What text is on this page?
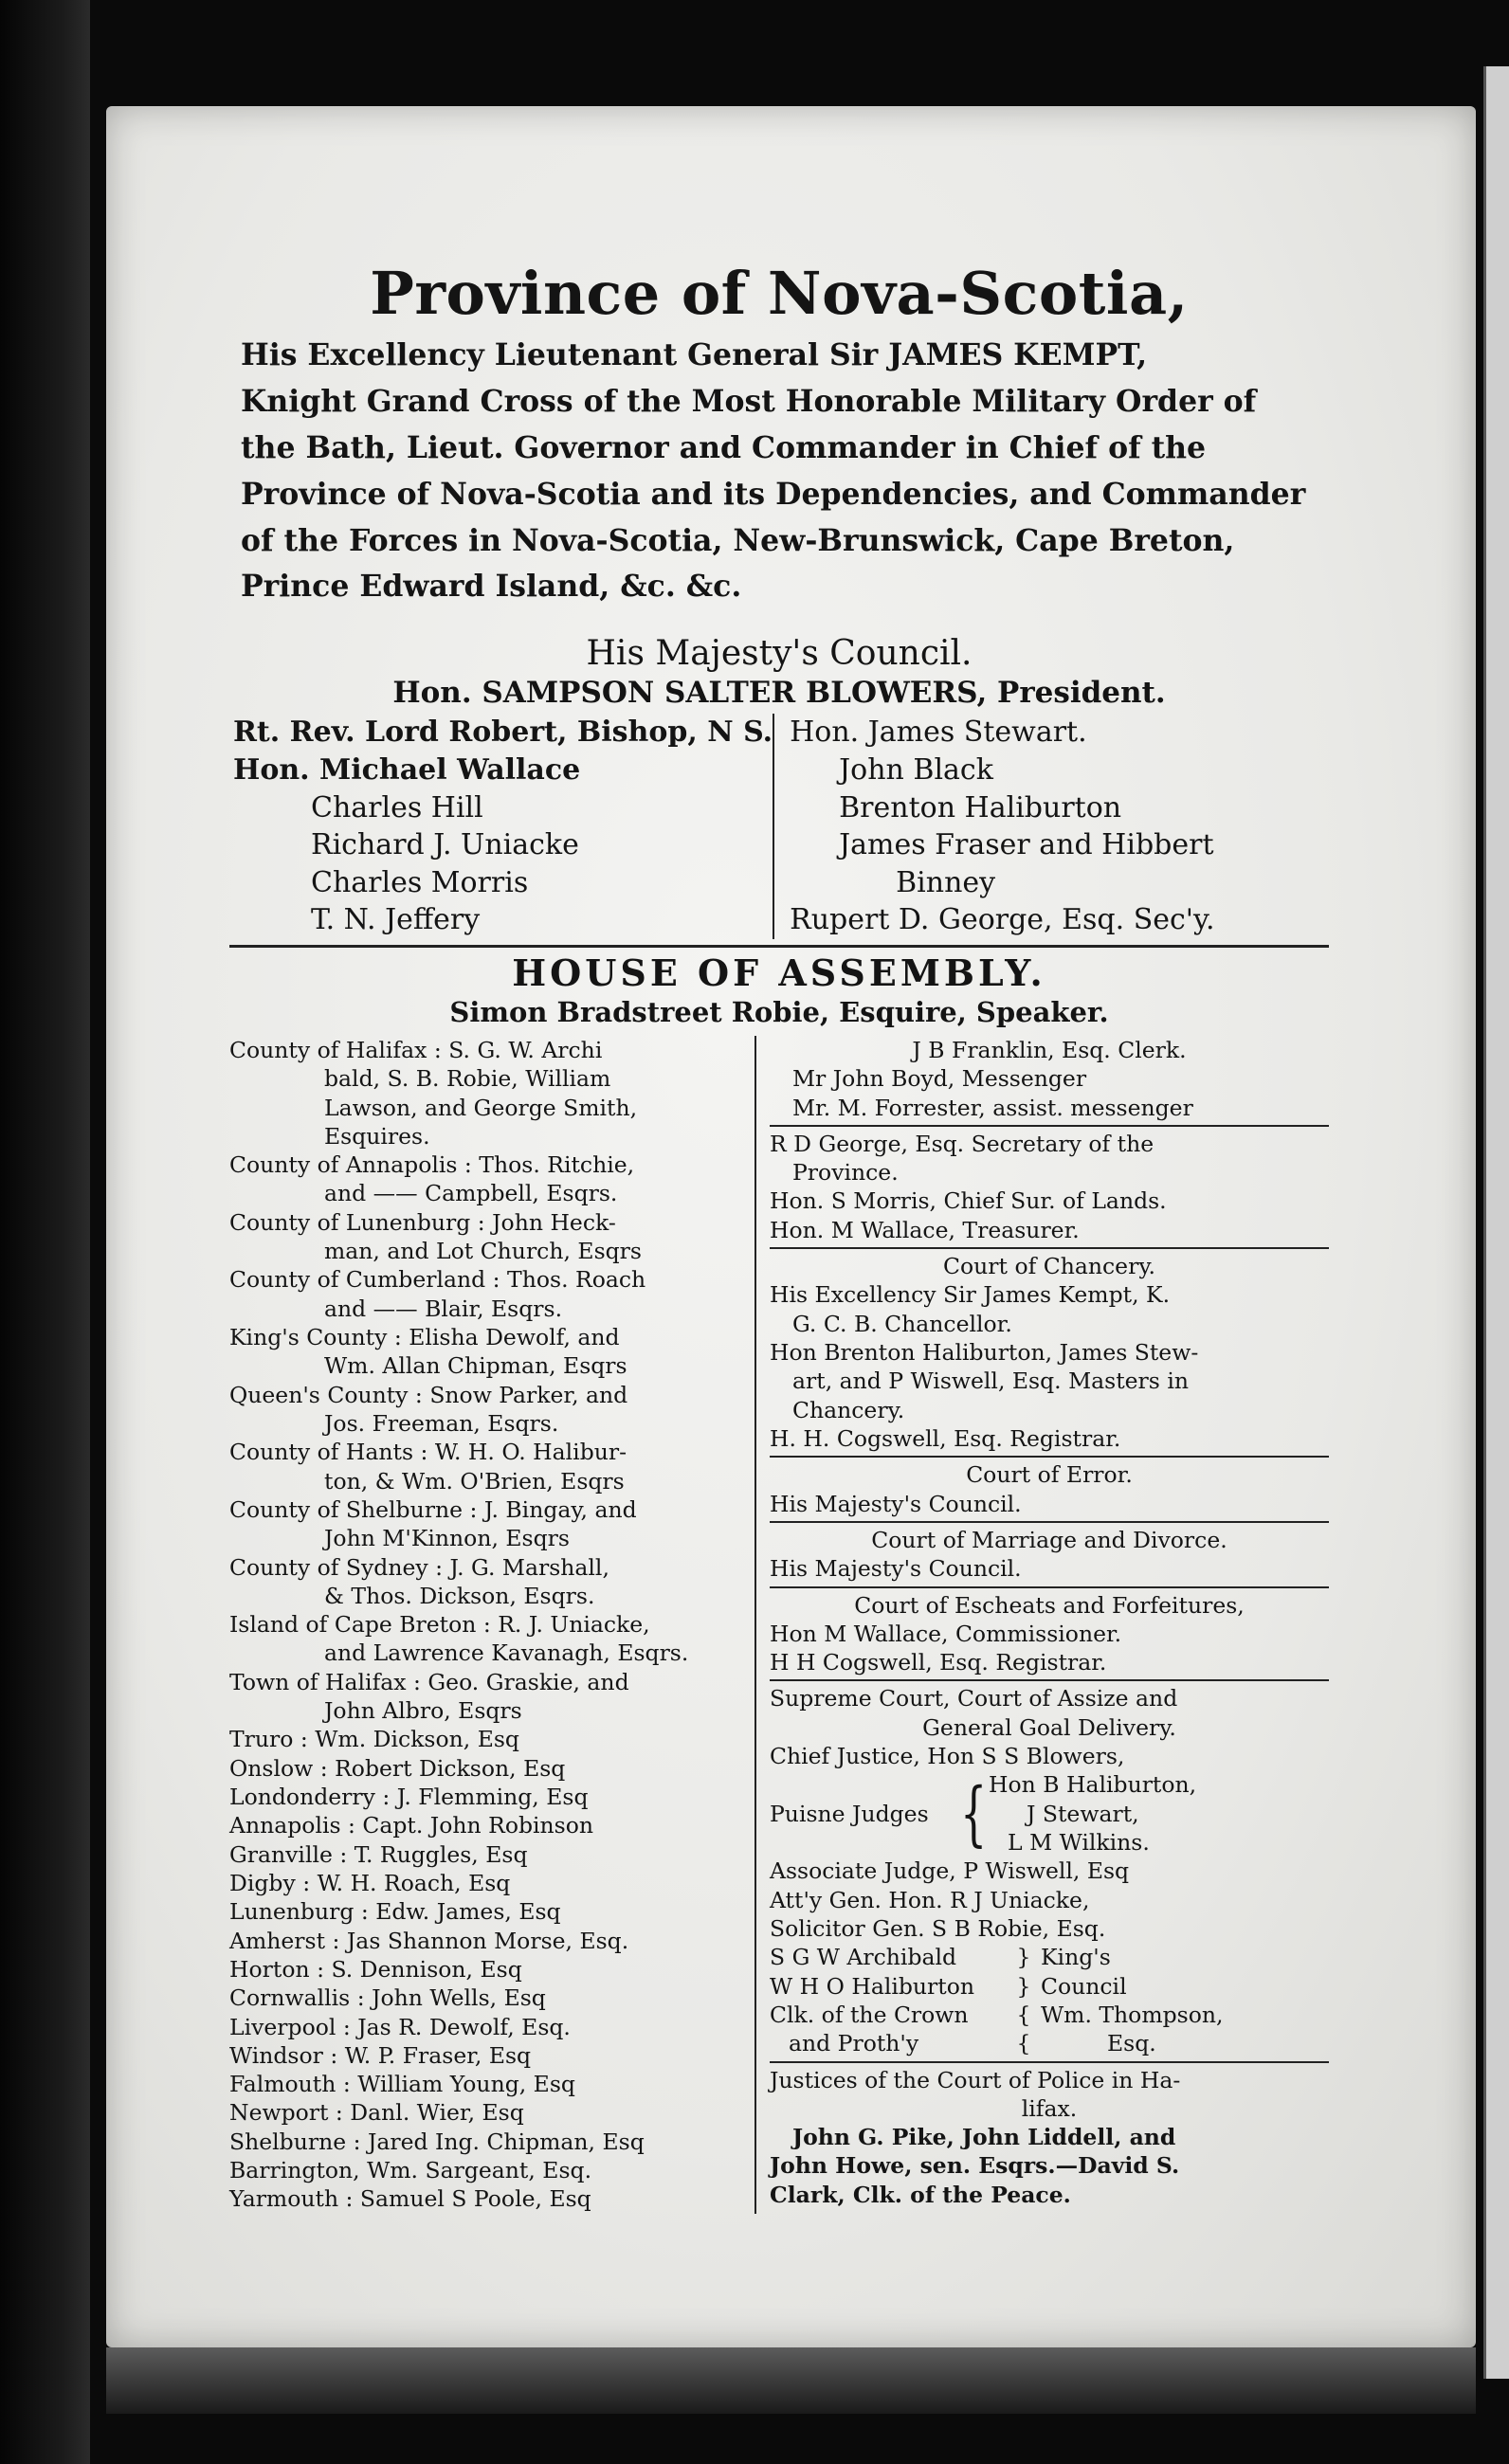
Province of Nova-Scotia,
His Excellency Lieutenant General Sir JAMES KEMPT,
Knight Grand Cross of the Most Honorable Military Order of
the Bath, Lieut. Governor and Commander in Chief of the
Province of Nova-Scotia and its Dependencies, and Commander
of the Forces in Nova-Scotia, New-Brunswick, Cape Breton,
Prince Edward Island, &c. &c.
His Majesty's Council.
Hon. SAMPSON SALTER BLOWERS, President.
Rt. Rev. Lord Robert, Bishop, N S.
Hon. Michael Wallace
Charles Hill
Richard J. Uniacke
Charles Morris
T. N. Jeffery
Hon. James Stewart.
John Black
Brenton Haliburton
James Fraser and Hibbert
Binney
Rupert D. George, Esq. Sec'y.
HOUSE OF ASSEMBLY.
Simon Bradstreet Robie, Esquire, Speaker.
County of Halifax : S. G. W. Archi
bald, S. B. Robie, William
Lawson, and George Smith,
Esquires.
County of Annapolis : Thos. Ritchie,
and —— Campbell, Esqrs.
County of Lunenburg : John Heck-
man, and Lot Church, Esqrs
County of Cumberland : Thos. Roach
and —— Blair, Esqrs.
King's County : Elisha Dewolf, and
Wm. Allan Chipman, Esqrs
Queen's County : Snow Parker, and
Jos. Freeman, Esqrs.
County of Hants : W. H. O. Halibur-
ton, & Wm. O'Brien, Esqrs
County of Shelburne : J. Bingay, and
John M'Kinnon, Esqrs
County of Sydney : J. G. Marshall,
& Thos. Dickson, Esqrs.
Island of Cape Breton : R. J. Uniacke,
and Lawrence Kavanagh, Esqrs.
Town of Halifax : Geo. Graskie, and
John Albro, Esqrs
Truro : Wm. Dickson, Esq
Onslow : Robert Dickson, Esq
Londonderry : J. Flemming, Esq
Annapolis : Capt. John Robinson
Granville : T. Ruggles, Esq
Digby : W. H. Roach, Esq
Lunenburg : Edw. James, Esq
Amherst : Jas Shannon Morse, Esq.
Horton : S. Dennison, Esq
Cornwallis : John Wells, Esq
Liverpool : Jas R. Dewolf, Esq.
Windsor : W. P. Fraser, Esq
Falmouth : William Young, Esq
Newport : Danl. Wier, Esq
Shelburne : Jared Ing. Chipman, Esq
Barrington, Wm. Sargeant, Esq.
Yarmouth : Samuel S Poole, Esq
J B Franklin, Esq. Clerk.
Mr John Boyd, Messenger
Mr. M. Forrester, assist. messenger
R D George, Esq. Secretary of the
Province.
Hon. S Morris, Chief Sur. of Lands.
Hon. M Wallace, Treasurer.
Court of Chancery.
His Excellency Sir James Kempt, K.
G. C. B. Chancellor.
Hon Brenton Haliburton, James Stew-
art, and P Wiswell, Esq. Masters in
Chancery.
H. H. Cogswell, Esq. Registrar.
Court of Error.
His Majesty's Council.
Court of Marriage and Divorce.
His Majesty's Council.
Court of Escheats and Forfeitures,
Hon M Wallace, Commissioner.
H H Cogswell, Esq. Registrar.
Supreme Court, Court of Assize and
General Goal Delivery.
Chief Justice, Hon S S Blowers,
Puisne Judges { Hon B Haliburton,
J Stewart,
L M Wilkins.
Associate Judge, P Wiswell, Esq
Att'y Gen. Hon. R J Uniacke,
Solicitor Gen. S B Robie, Esq.
S G W Archibald	} King's
W H O Haliburton	} Council
Clk. of the Crown	{ Wm. Thompson,
and Proth'y	{	Esq.
Justices of the Court of Police in Ha-
lifax.
John G. Pike, John Liddell, and
John Howe, sen. Esqrs.—David S.
Clark, Clk. of the Peace.
